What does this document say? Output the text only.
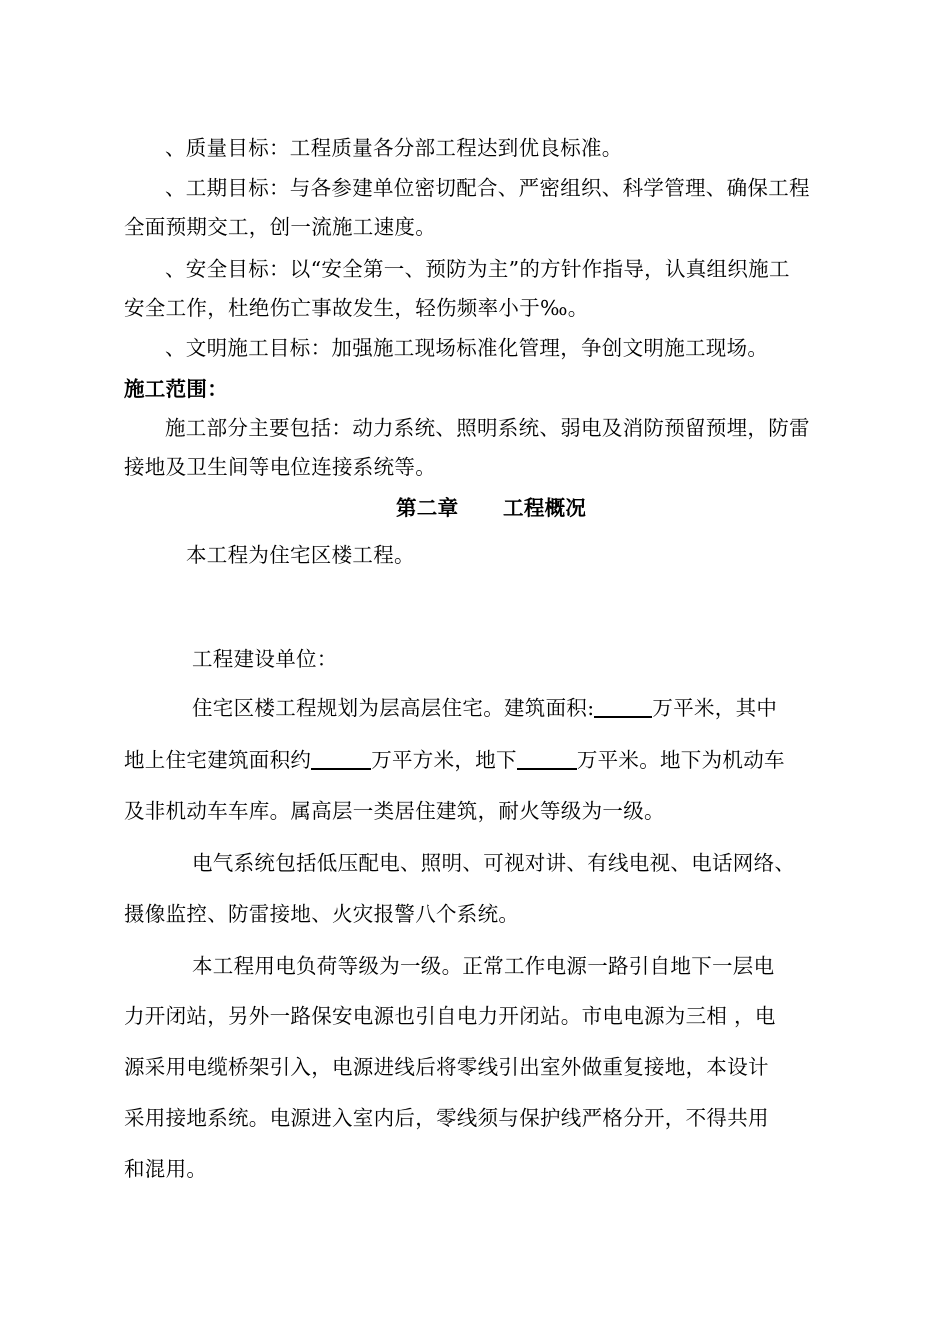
、质量目标：工程质量各分部工程达到优良标准。
、工期目标：与各参建单位密切配合、严密组织、科学管理、确保工程
全面预期交工，创一流施工速度。
、安全目标：以“安全第一、预防为主”的方针作指导，认真组织施工
安全工作，杜绝伤亡事故发生，轻伤频率小于‰。
、文明施工目标：加强施工现场标准化管理，争创文明施工现场。
施工范围：
施工部分主要包括：动力系统、照明系统、弱电及消防预留预埋，防雷
接地及卫生间等电位连接系统等。
第二章      工程概况
本工程为住宅区楼工程。
工程建设单位：
住宅区楼工程规划为层高层住宅。建筑面积:	万平米，其中
地上住宅建筑面积约	万平方米，地下	万平米。地下为机动车
及非机动车车库。属高层一类居住建筑，耐火等级为一级。
电气系统包括低压配电、照明、可视对讲、有线电视、电话网络、
摄像监控、防雷接地、火灾报警八个系统。
本工程用电负荷等级为一级。正常工作电源一路引自地下一层电
力开闭站，另外一路保安电源也引自电力开闭站。市电电源为三相 ，电
源采用电缆桥架引入，电源进线后将零线引出室外做重复接地，本设计
采用接地系统。电源进入室内后，零线须与保护线严格分开，不得共用
和混用。
